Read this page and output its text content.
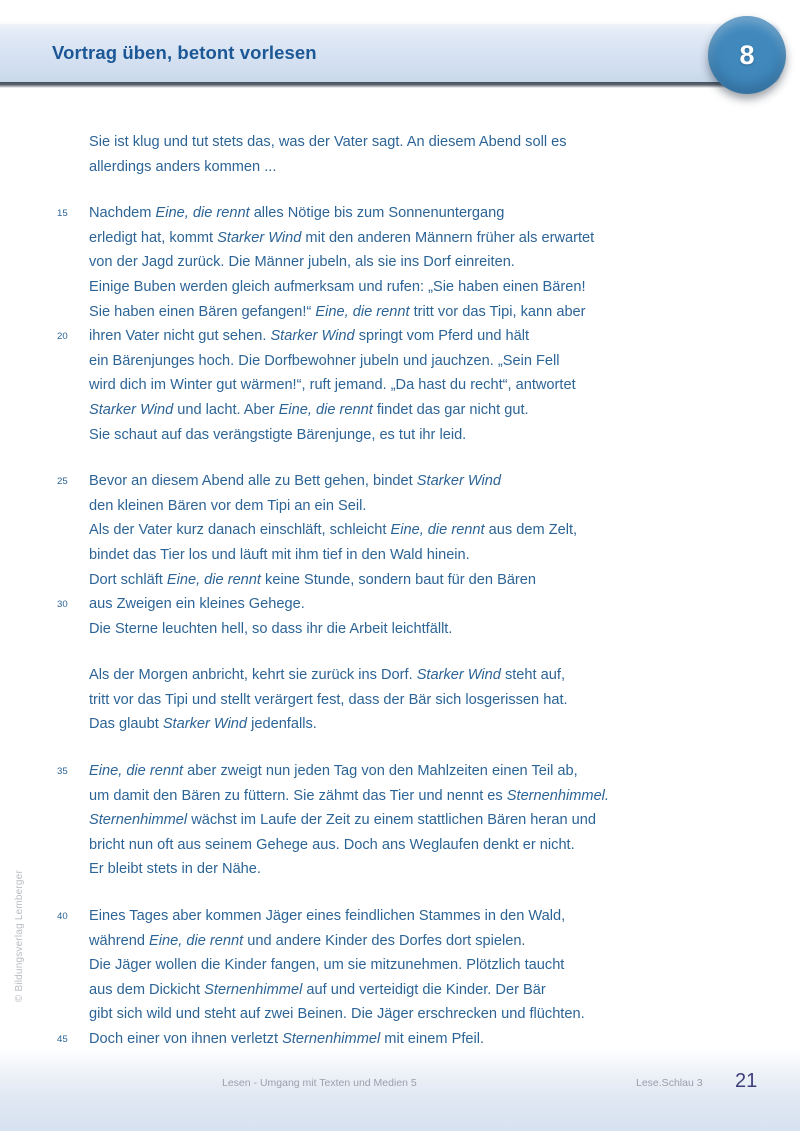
Vortrag üben, betont vorlesen	8
Sie ist klug und tut stets das, was der Vater sagt. An diesem Abend soll es
allerdings anders kommen ...
15	Nachdem Eine, die rennt alles Nötige bis zum Sonnenuntergang
erledigt hat, kommt Starker Wind mit den anderen Männern früher als erwartet
von der Jagd zurück. Die Männer jubeln, als sie ins Dorf einreiten.
Einige Buben werden gleich aufmerksam und rufen: „Sie haben einen Bären!
Sie haben einen Bären gefangen!“ Eine, die rennt tritt vor das Tipi, kann aber
20	ihren Vater nicht gut sehen. Starker Wind springt vom Pferd und hält
ein Bärenjunges hoch. Die Dorfbewohner jubeln und jauchzen. „Sein Fell
wird dich im Winter gut wärmen!“, ruft jemand. „Da hast du recht“, antwortet
Starker Wind und lacht. Aber Eine, die rennt findet das gar nicht gut.
Sie schaut auf das verängstigte Bärenjunge, es tut ihr leid.
25	Bevor an diesem Abend alle zu Bett gehen, bindet Starker Wind
den kleinen Bären vor dem Tipi an ein Seil.
Als der Vater kurz danach einschläft, schleicht Eine, die rennt aus dem Zelt,
bindet das Tier los und läuft mit ihm tief in den Wald hinein.
Dort schläft Eine, die rennt keine Stunde, sondern baut für den Bären
30	aus Zweigen ein kleines Gehege.
Die Sterne leuchten hell, so dass ihr die Arbeit leichtfällt.
Als der Morgen anbricht, kehrt sie zurück ins Dorf. Starker Wind steht auf,
tritt vor das Tipi und stellt verärgert fest, dass der Bär sich losgerissen hat.
Das glaubt Starker Wind jedenfalls.
35	Eine, die rennt aber zweigt nun jeden Tag von den Mahlzeiten einen Teil ab,
um damit den Bären zu füttern. Sie zähmt das Tier und nennt es Sternenhimmel.
Sternenhimmel wächst im Laufe der Zeit zu einem stattlichen Bären heran und
bricht nun oft aus seinem Gehege aus. Doch ans Weglaufen denkt er nicht.
Er bleibt stets in der Nähe.
40	Eines Tages aber kommen Jäger eines feindlichen Stammes in den Wald,
während Eine, die rennt und andere Kinder des Dorfes dort spielen.
Die Jäger wollen die Kinder fangen, um sie mitzunehmen. Plötzlich taucht
aus dem Dickicht Sternenhimmel auf und verteidigt die Kinder. Der Bär
gibt sich wild und steht auf zwei Beinen. Die Jäger erschrecken und flüchten.
45	Doch einer von ihnen verletzt Sternenhimmel mit einem Pfeil.
© Bildungsverlag Lemberger
Lesen - Umgang mit Texten und Medien 5	Lese.Schlau 3 21
